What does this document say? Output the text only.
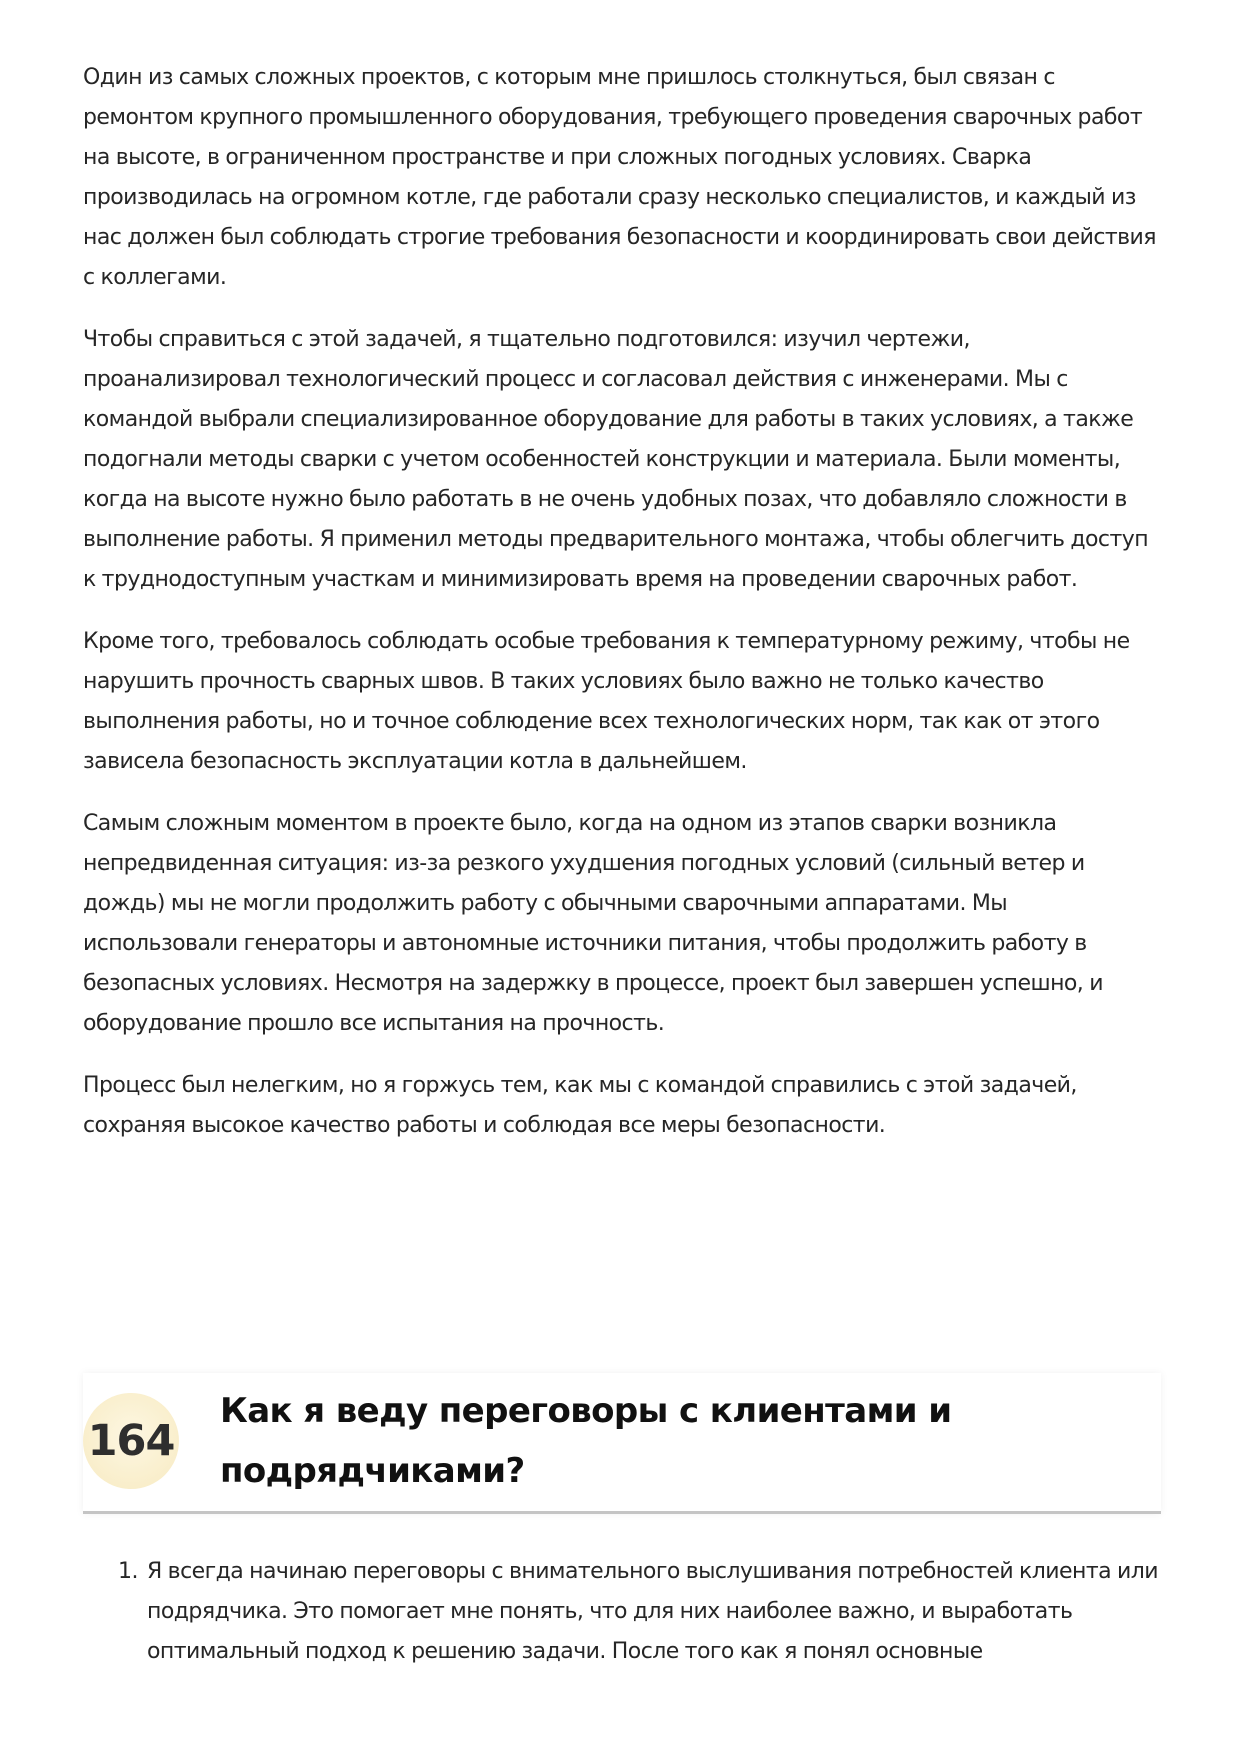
Один из самых сложных проектов, с которым мне пришлось столкнуться, был связан с ремонтом крупного промышленного оборудования, требующего проведения сварочных работ на высоте, в ограниченном пространстве и при сложных погодных условиях. Сварка производилась на огромном котле, где работали сразу несколько специалистов, и каждый из нас должен был соблюдать строгие требования безопасности и координировать свои действия с коллегами.

Чтобы справиться с этой задачей, я тщательно подготовился: изучил чертежи, проанализировал технологический процесс и согласовал действия с инженерами. Мы с командой выбрали специализированное оборудование для работы в таких условиях, а также подогнали методы сварки с учетом особенностей конструкции и материала. Были моменты, когда на высоте нужно было работать в не очень удобных позах, что добавляло сложности в выполнение работы. Я применил методы предварительного монтажа, чтобы облегчить доступ к труднодоступным участкам и минимизировать время на проведении сварочных работ.

Кроме того, требовалось соблюдать особые требования к температурному режиму, чтобы не нарушить прочность сварных швов. В таких условиях было важно не только качество выполнения работы, но и точное соблюдение всех технологических норм, так как от этого зависела безопасность эксплуатации котла в дальнейшем.

Самым сложным моментом в проекте было, когда на одном из этапов сварки возникла непредвиденная ситуация: из-за резкого ухудшения погодных условий (сильный ветер и дождь) мы не могли продолжить работу с обычными сварочными аппаратами. Мы использовали генераторы и автономные источники питания, чтобы продолжить работу в безопасных условиях. Несмотря на задержку в процессе, проект был завершен успешно, и оборудование прошло все испытания на прочность.

Процесс был нелегким, но я горжусь тем, как мы с командой справились с этой задачей, сохраняя высокое качество работы и соблюдая все меры безопасности.

164
Как я веду переговоры с клиентами и подрядчиками?
1. Я всегда начинаю переговоры с внимательного выслушивания потребностей клиента или подрядчика. Это помогает мне понять, что для них наиболее важно, и выработать оптимальный подход к решению задачи. После того как я понял основные
